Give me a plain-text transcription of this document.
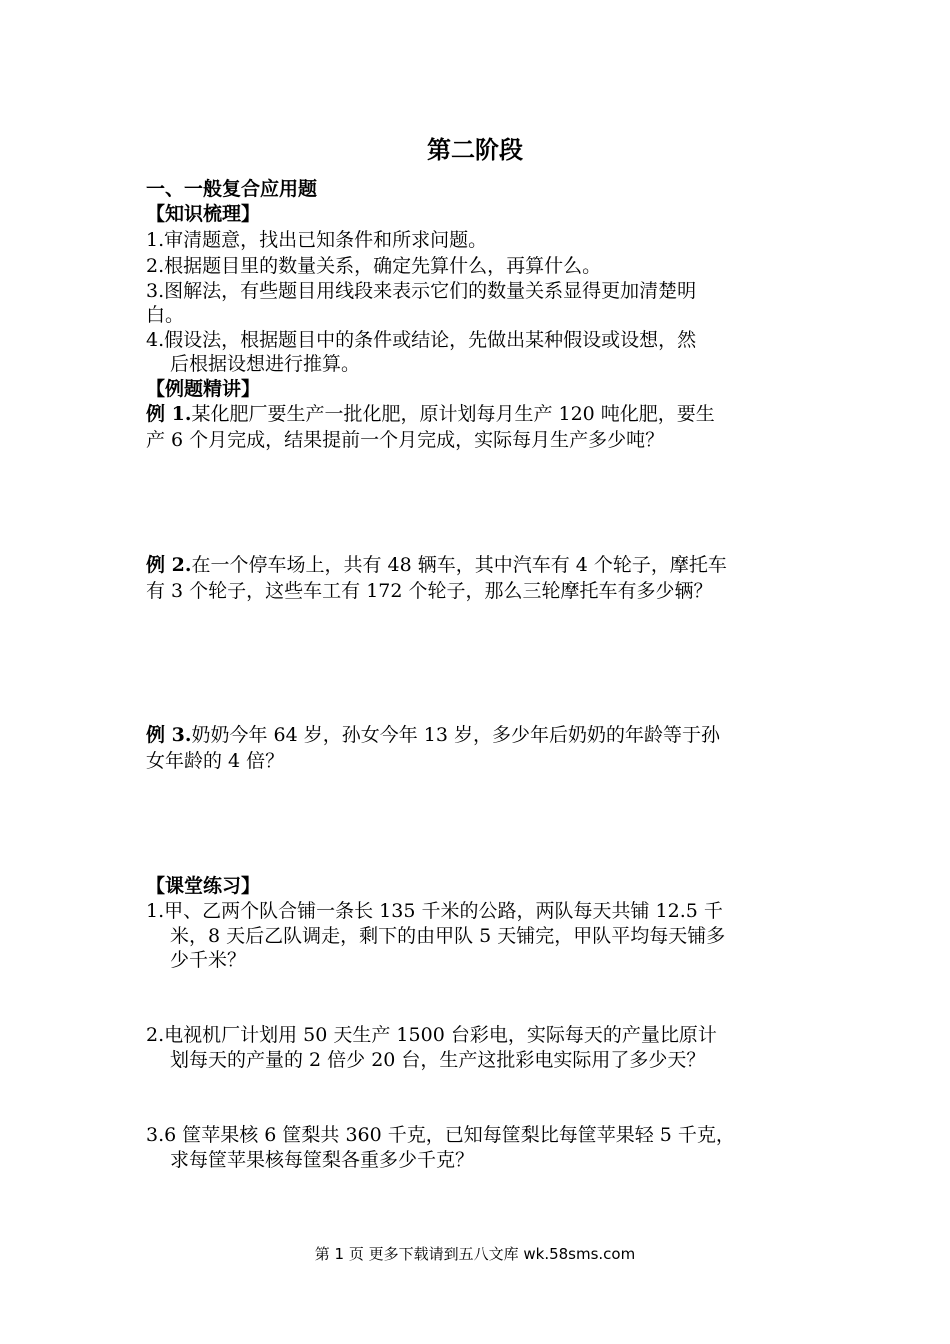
第二阶段
一、一般复合应用题
【知识梳理】
1.审清题意，找出已知条件和所求问题。
2.根据题目里的数量关系，确定先算什么，再算什么。
3.图解法，有些题目用线段来表示它们的数量关系显得更加清楚明
白。
4.假设法，根据题目中的条件或结论，先做出某种假设或设想，然
后根据设想进行推算。
【例题精讲】
例 1.某化肥厂要生产一批化肥，原计划每月生产 120 吨化肥，要生
产 6 个月完成，结果提前一个月完成，实际每月生产多少吨？
例 2.在一个停车场上，共有 48 辆车，其中汽车有 4 个轮子，摩托车
有 3 个轮子，这些车工有 172 个轮子，那么三轮摩托车有多少辆？
例 3.奶奶今年 64 岁，孙女今年 13 岁，多少年后奶奶的年龄等于孙
女年龄的 4 倍？
【课堂练习】
1.甲、乙两个队合铺一条长 135 千米的公路，两队每天共铺 12.5 千
米，8 天后乙队调走，剩下的由甲队 5 天铺完，甲队平均每天铺多
少千米？
2.电视机厂计划用 50 天生产 1500 台彩电，实际每天的产量比原计
划每天的产量的 2 倍少 20 台，生产这批彩电实际用了多少天？
3.6 筐苹果核 6 筐梨共 360 千克，已知每筐梨比每筐苹果轻 5 千克，
求每筐苹果核每筐梨各重多少千克？
第 1 页 更多下载请到五八文库 wk.58sms.com
